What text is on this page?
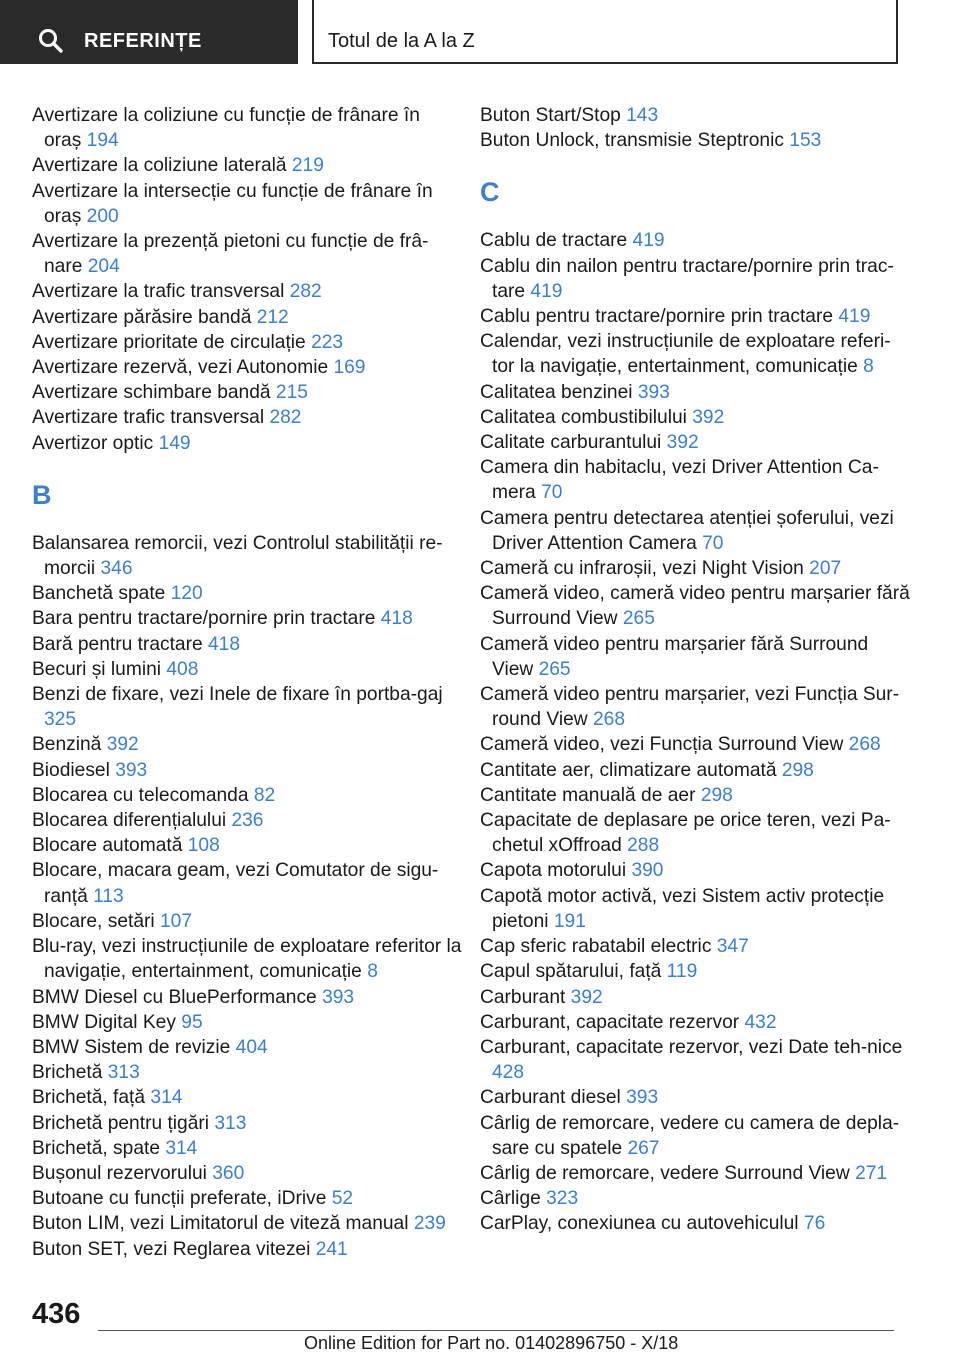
REFERINȚE	Totul de la A la Z

Avertizare la coliziune cu funcție de frânare în oraș 194

Avertizare la coliziune laterală 219

Avertizare la intersecție cu funcție de frânare în oraș 200

Avertizare la prezență pietoni cu funcție de frâ-nare 204

Avertizare la trafic transversal 282

Avertizare părăsire bandă 212

Avertizare prioritate de circulație 223

Avertizare rezervă, vezi Autonomie 169

Avertizare schimbare bandă 215

Avertizare trafic transversal 282

Avertizor optic 149

B

Balansarea remorcii, vezi Controlul stabilității re-morcii 346

Banchetă spate 120

Bara pentru tractare/pornire prin tractare 418

Bară pentru tractare 418

Becuri și lumini 408

Benzi de fixare, vezi Inele de fixare în portba-gaj 325

Benzină 392

Biodiesel 393

Blocarea cu telecomanda 82

Blocarea diferențialului 236

Blocare automată 108

Blocare, macara geam, vezi Comutator de sigu-ranță 113

Blocare, setări 107

Blu-ray, vezi instrucțiunile de exploatare referitor la navigație, entertainment, comunicație 8

BMW Diesel cu BluePerformance 393

BMW Digital Key 95

BMW Sistem de revizie 404

Brichetă 313

Brichetă, față 314

Brichetă pentru țigări 313

Brichetă, spate 314

Bușonul rezervorului 360

Butoane cu funcții preferate, iDrive 52

Buton LIM, vezi Limitatorul de viteză manual 239

Buton SET, vezi Reglarea vitezei 241

Buton Start/Stop 143

Buton Unlock, transmisie Steptronic 153

C

Cablu de tractare 419

Cablu din nailon pentru tractare/pornire prin trac-tare 419

Cablu pentru tractare/pornire prin tractare 419

Calendar, vezi instrucțiunile de exploatare referi-tor la navigație, entertainment, comunicație 8

Calitatea benzinei 393

Calitatea combustibilului 392

Calitate carburantului 392

Camera din habitaclu, vezi Driver Attention Ca-mera 70

Camera pentru detectarea atenției șoferului, vezi Driver Attention Camera 70

Cameră cu infraroșii, vezi Night Vision 207

Cameră video, cameră video pentru marșarier fără Surround View 265

Cameră video pentru marșarier fără Surround View 265

Cameră video pentru marșarier, vezi Funcția Sur-round View 268

Cameră video, vezi Funcția Surround View 268

Cantitate aer, climatizare automată 298

Cantitate manuală de aer 298

Capacitate de deplasare pe orice teren, vezi Pa-chetul xOffroad 288

Capota motorului 390

Capotă motor activă, vezi Sistem activ protecție pietoni 191

Cap sferic rabatabil electric 347

Capul spătarului, față 119

Carburant 392

Carburant, capacitate rezervor 432

Carburant, capacitate rezervor, vezi Date teh-nice 428

Carburant diesel 393

Cârlig de remorcare, vedere cu camera de depla-sare cu spatele 267

Cârlig de remorcare, vedere Surround View 271

Cârlige 323

CarPlay, conexiunea cu autovehiculul 76

436
Online Edition for Part no. 01402896750 - X/18
